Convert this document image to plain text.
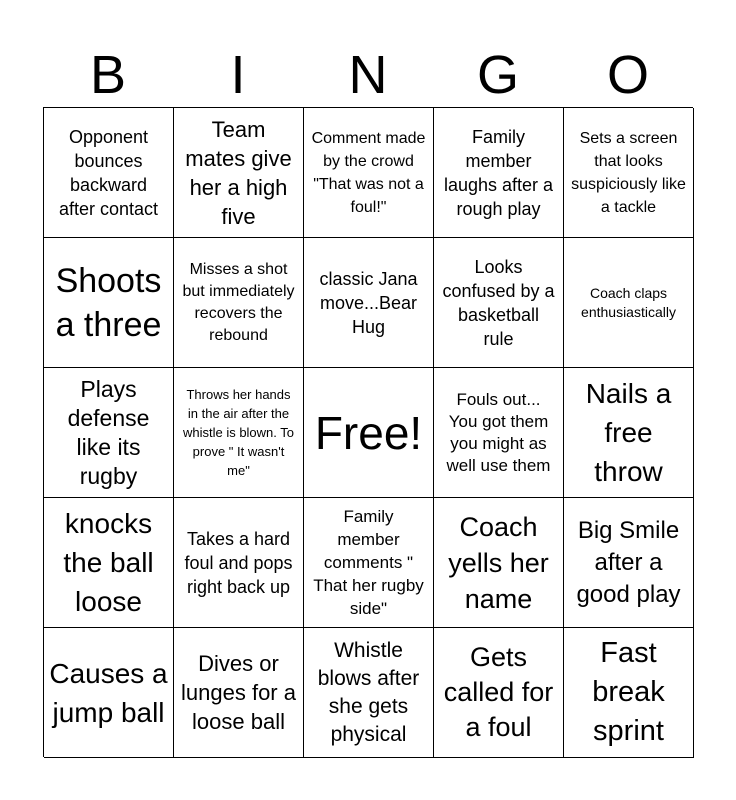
B	I	N	G	O
Opponent bounces backward after contact
Team mates give her a high five
Comment made by the crowd "That was not a foul!"
Family member laughs after a rough play
Sets a screen that looks suspiciously like a tackle
Shoots a three
Misses a shot but immediately recovers the rebound
classic Jana move...Bear Hug
Looks confused by a basketball rule
Coach claps enthusiastically
Plays defense like its rugby
Throws her hands in the air after the whistle is blown. To prove " It wasn't me"
Free!
Fouls out... You got them you might as well use them
Nails a free throw
knocks the ball loose
Takes a hard foul and pops right back up
Family member comments " That her rugby side"
Coach yells her name
Big Smile after a good play
Causes a jump ball
Dives or lunges for a loose ball
Whistle blows after she gets physical
Gets called for a foul
Fast break sprint
